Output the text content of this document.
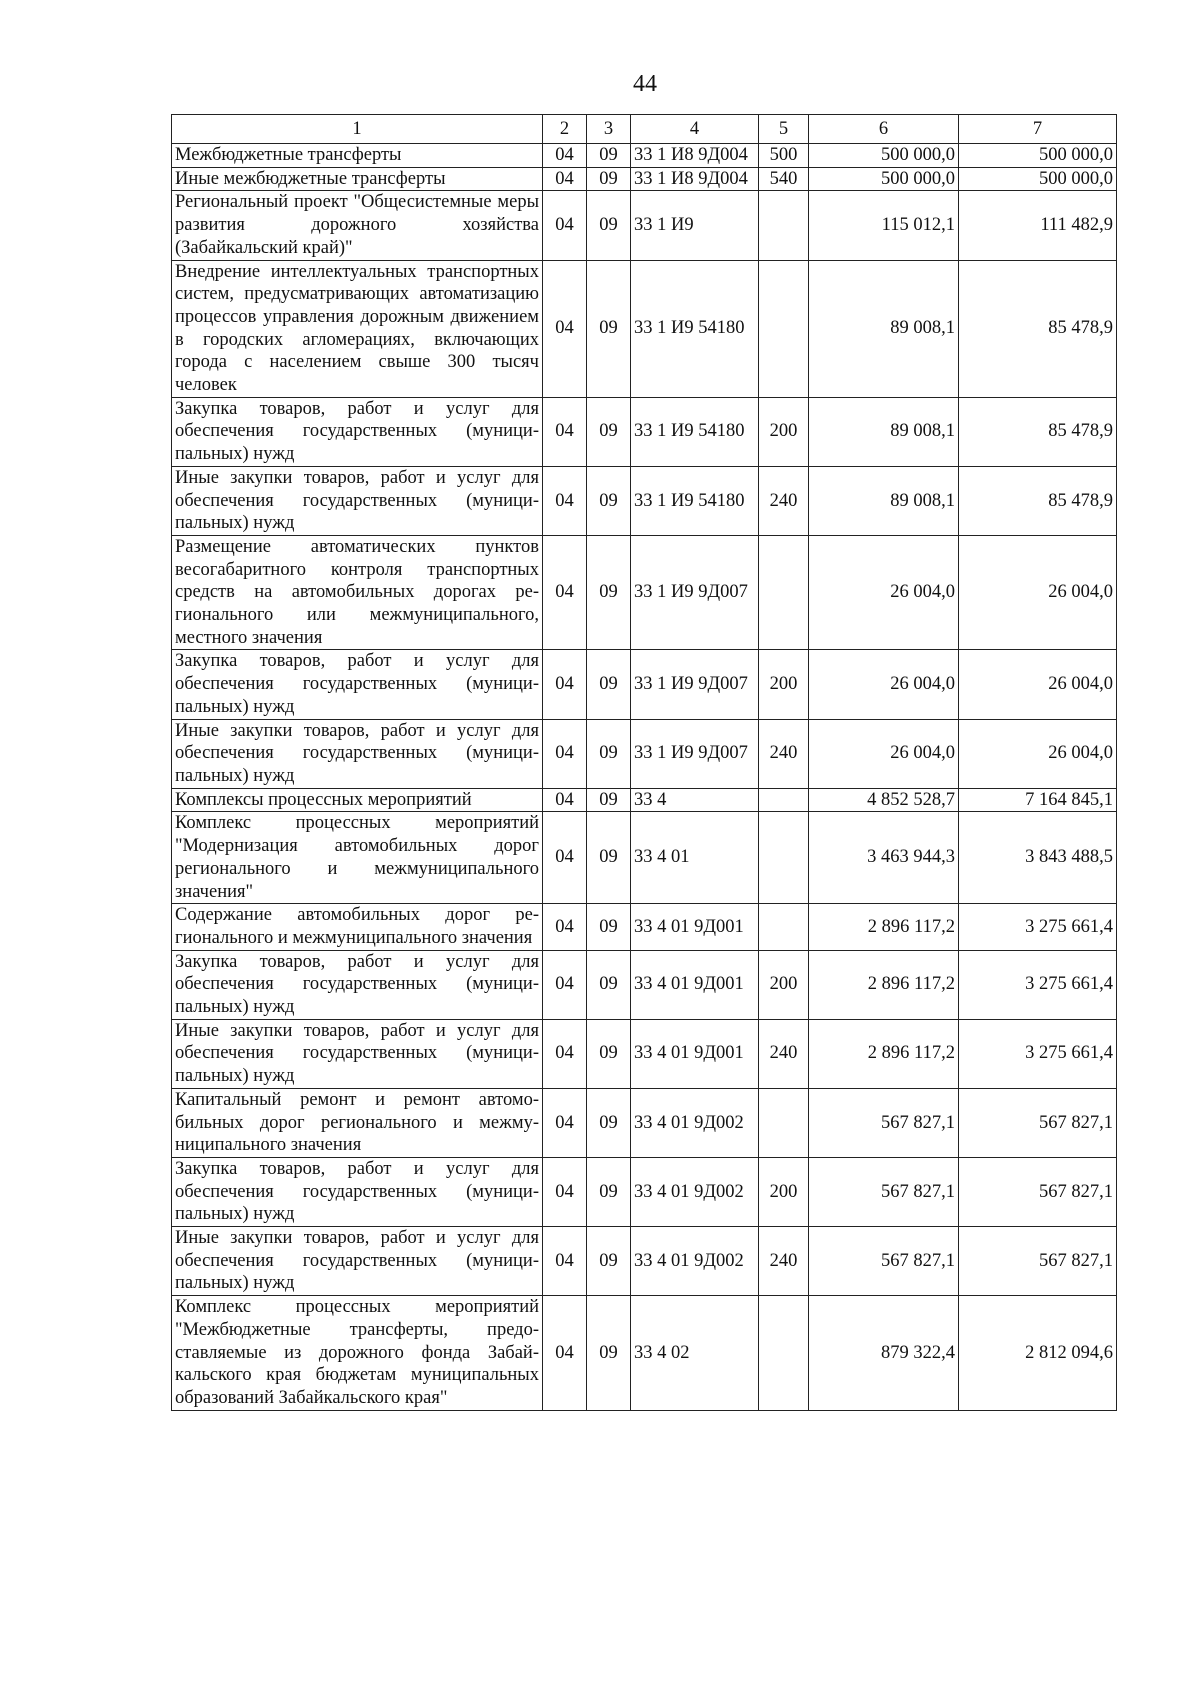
44
1	2	3	4	5	6	7
Межбюджетные трансферты	04	09	33 1 И8 9Д004	500	500 000,0	500 000,0
Иные межбюджетные трансферты	04	09	33 1 И8 9Д004	540	500 000,0	500 000,0
Региональный проект "Общесистемные меры развития дорожного хозяйства (Забайкальский край)"	04	09	33 1 И9		115 012,1	111 482,9
Внедрение интеллектуальных транспортных систем, предусматривающих автоматизацию процессов управления дорожным движением в городских агломерациях, включающих города с населением свыше 300 тысяч человек	04	09	33 1 И9 54180		89 008,1	85 478,9
Закупка товаров, работ и услуг для обеспечения государственных (муниципальных) нужд	04	09	33 1 И9 54180	200	89 008,1	85 478,9
Иные закупки товаров, работ и услуг для обеспечения государственных (муниципальных) нужд	04	09	33 1 И9 54180	240	89 008,1	85 478,9
Размещение автоматических пунктов весогабаритного контроля транспортных средств на автомобильных дорогах регионального или межмуниципального, местного значения	04	09	33 1 И9 9Д007		26 004,0	26 004,0
Закупка товаров, работ и услуг для обеспечения государственных (муниципальных) нужд	04	09	33 1 И9 9Д007	200	26 004,0	26 004,0
Иные закупки товаров, работ и услуг для обеспечения государственных (муниципальных) нужд	04	09	33 1 И9 9Д007	240	26 004,0	26 004,0
Комплексы процессных мероприятий	04	09	33 4		4 852 528,7	7 164 845,1
Комплекс процессных мероприятий "Модернизация автомобильных дорог регионального и межмуниципального значения"	04	09	33 4 01		3 463 944,3	3 843 488,5
Содержание автомобильных дорог регионального и межмуниципального значения	04	09	33 4 01 9Д001		2 896 117,2	3 275 661,4
Закупка товаров, работ и услуг для обеспечения государственных (муниципальных) нужд	04	09	33 4 01 9Д001	200	2 896 117,2	3 275 661,4
Иные закупки товаров, работ и услуг для обеспечения государственных (муниципальных) нужд	04	09	33 4 01 9Д001	240	2 896 117,2	3 275 661,4
Капитальный ремонт и ремонт автомобильных дорог регионального и межмуниципального значения	04	09	33 4 01 9Д002		567 827,1	567 827,1
Закупка товаров, работ и услуг для обеспечения государственных (муниципальных) нужд	04	09	33 4 01 9Д002	200	567 827,1	567 827,1
Иные закупки товаров, работ и услуг для обеспечения государственных (муниципальных) нужд	04	09	33 4 01 9Д002	240	567 827,1	567 827,1
Комплекс процессных мероприятий "Межбюджетные трансферты, предоставляемые из дорожного фонда Забайкальского края бюджетам муниципальных образований Забайкальского края"	04	09	33 4 02		879 322,4	2 812 094,6
